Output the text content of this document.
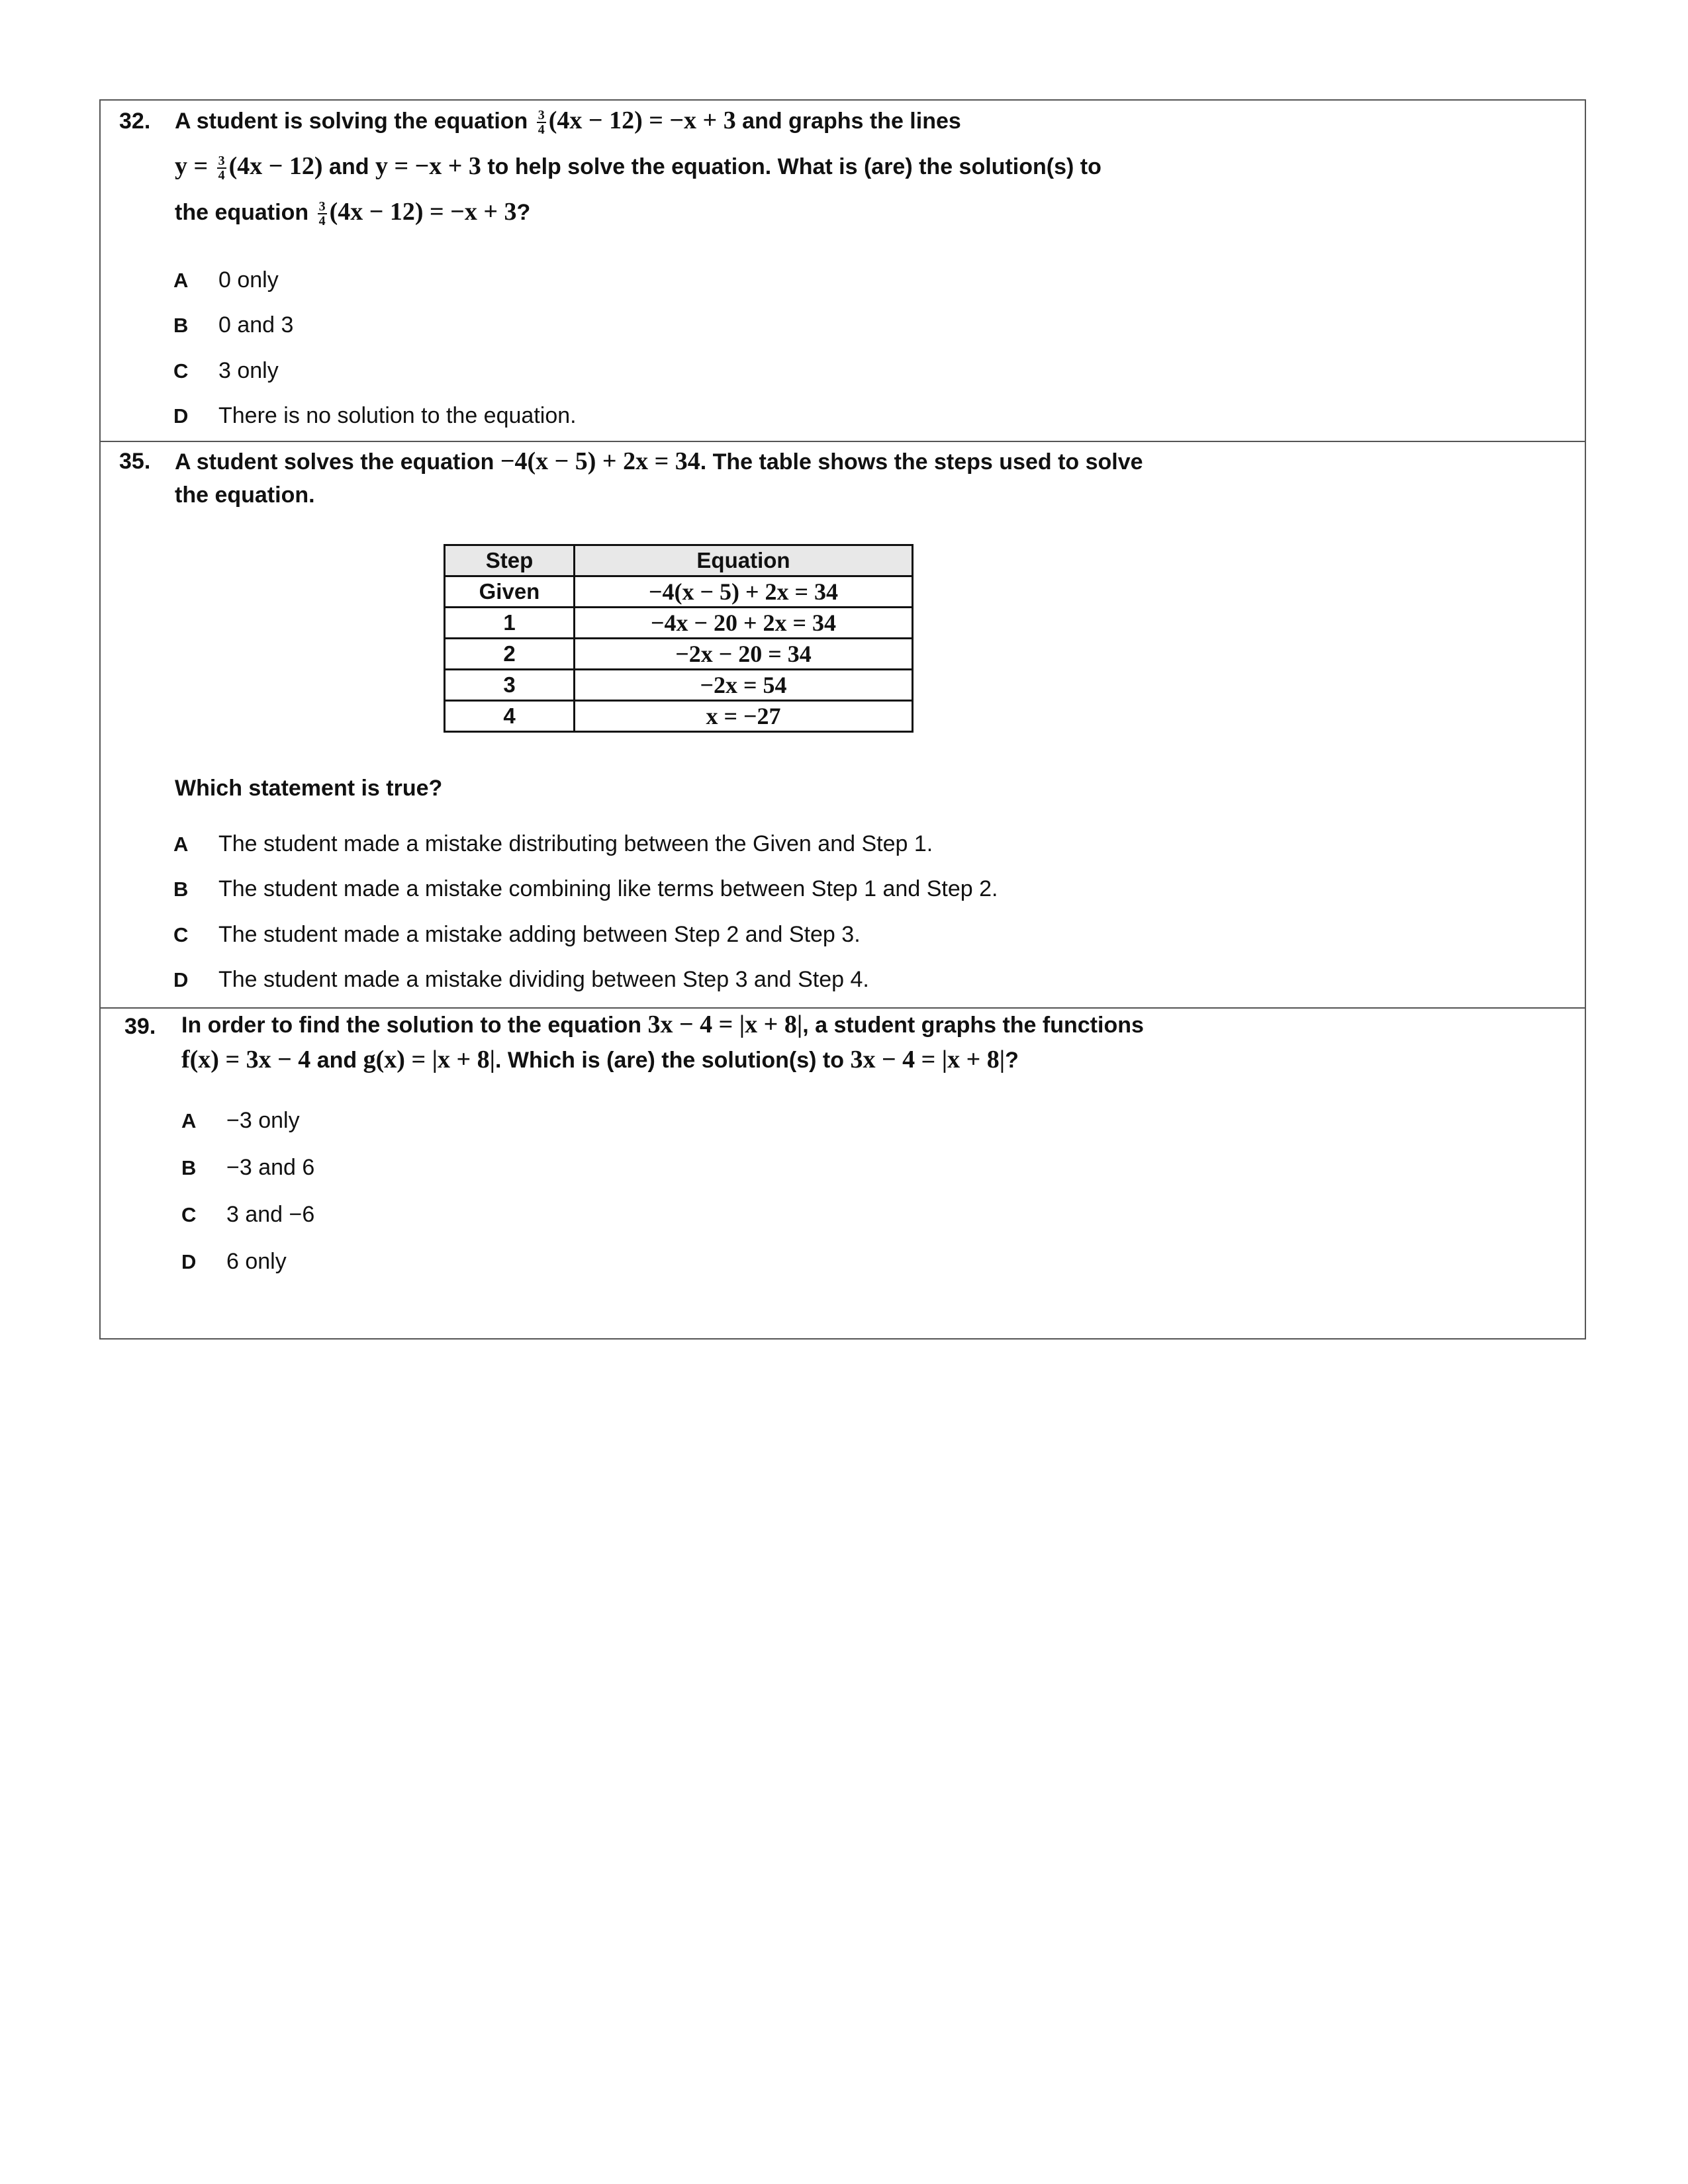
32. A student is solving the equation $\frac{3}{4} (4x - 12) = -x + 3$ and graphs the lines
$y = \frac{3}{4} (4x - 12)$ and y = −x + 3 to help solve the equation. What is (are) the solution(s) to
the equation $\frac{3}{4} (4x - 12) = -x + 3$?
A 0 only
B 0 and 3
C 3 only
D There is no solution to the equation.
35. A student solves the equation −4(x − 5) + 2x = 34. The table shows the steps used to solve
the equation.
Step	Equation
Given	−4(x − 5) + 2x = 34
1	−4x − 20 + 2x = 34
2	−2x − 20 = 34
3	−2x = 54
4	x = −27
Which statement is true?
A The student made a mistake distributing between the Given and Step 1.
B The student made a mistake combining like terms between Step 1 and Step 2.
C The student made a mistake adding between Step 2 and Step 3.
D The student made a mistake dividing between Step 3 and Step 4.
39. In order to find the solution to the equation 3x − 4 = |x + 8|, a student graphs the functions
f(x) = 3x − 4 and g(x) = |x + 8|. Which is (are) the solution(s) to 3x − 4 = |x + 8|?
A −3 only
B −3 and 6
C 3 and −6
D 6 only
